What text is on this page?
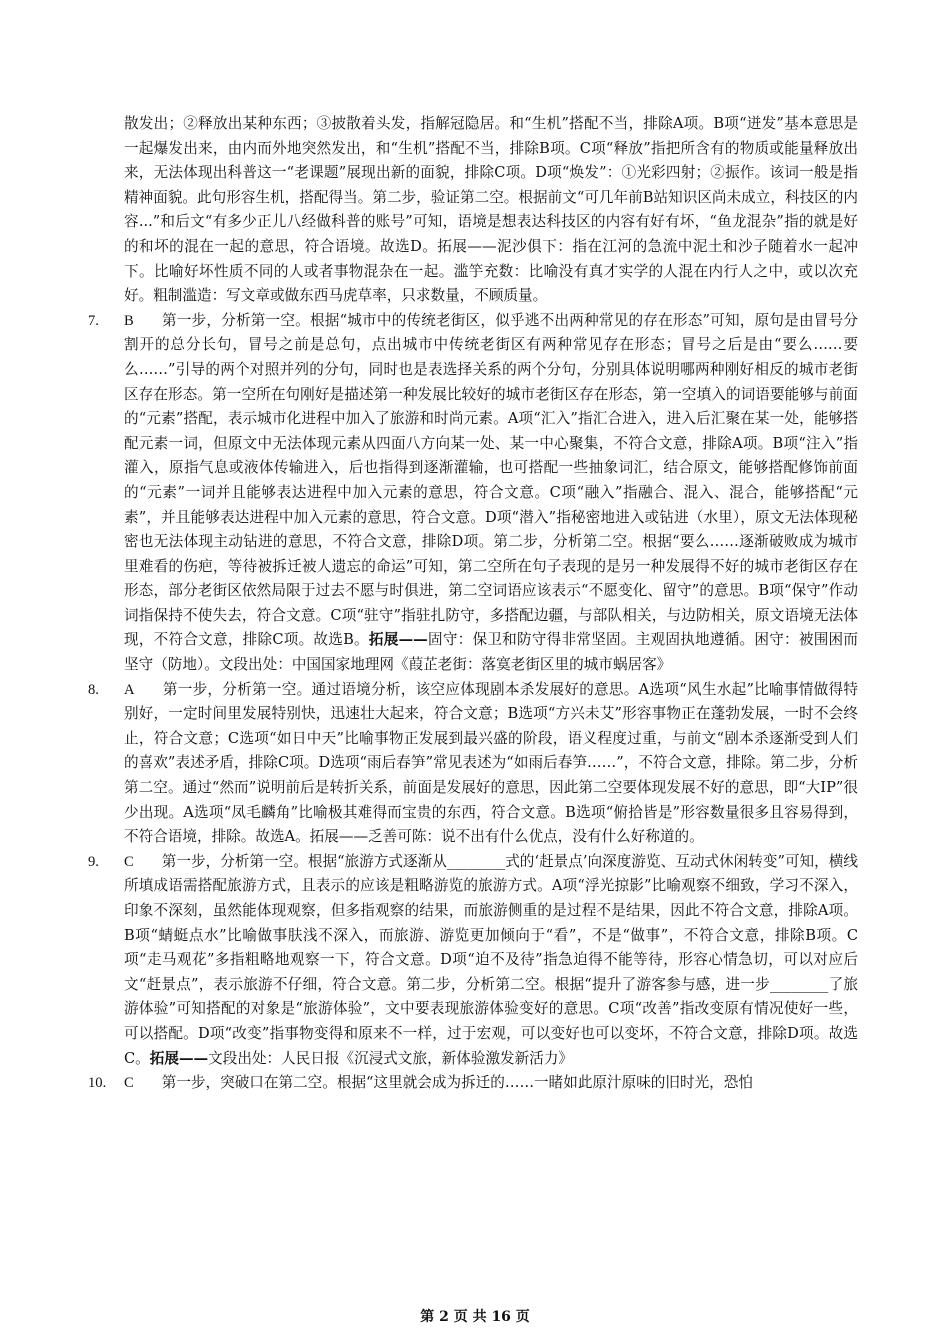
散发出；②释放出某种东西；③披散着头发，指解冠隐居。和“生机”搭配不当，排除A项。B项“迸发”基本意思是一起爆发出来，由内而外地突然发出，和“生机”搭配不当，排除B项。C项“释放”指把所含有的物质或能量释放出来，无法体现出科普这一“老课题”展现出新的面貌，排除C项。D项“焕发”：①光彩四射；②振作。该词一般是指精神面貌。此句形容生机，搭配得当。第二步，验证第二空。根据前文“可几年前B站知识区尚未成立，科技区的内容...”和后文“有多少正儿八经做科普的账号”可知，语境是想表达科技区的内容有好有坏，“鱼龙混杂”指的就是好的和坏的混在一起的意思，符合语境。故选D。拓展——泥沙俱下：指在江河的急流中泥土和沙子随着水一起冲下。比喻好坏性质不同的人或者事物混杂在一起。滥竽充数：比喻没有真才实学的人混在内行人之中，或以次充好。粗制滥造：写文章或做东西马虎草率，只求数量，不顾质量。

7.	B 第一步，分析第一空。根据“城市中的传统老街区，似乎逃不出两种常见的存在形态”可知，原句是由冒号分割开的总分长句，冒号之前是总句，点出城市中传统老街区有两种常见存在形态；冒号之后是由“要么……要么……”引导的两个对照并列的分句，同时也是表选择关系的两个分句，分别具体说明哪两种刚好相反的城市老街区存在形态。第一空所在句刚好是描述第一种发展比较好的城市老街区存在形态，第一空填入的词语要能够与前面的“元素”搭配，表示城市化进程中加入了旅游和时尚元素。A项“汇入”指汇合进入，进入后汇聚在某一处，能够搭配元素一词，但原文中无法体现元素从四面八方向某一处、某一中心聚集，不符合文意，排除A项。B项“注入”指灌入，原指气息或液体传输进入，后也指得到逐渐灌输，也可搭配一些抽象词汇，结合原文，能够搭配修饰前面的“元素”一词并且能够表达进程中加入元素的意思，符合文意。C项“融入”指融合、混入、混合，能够搭配“元素”，并且能够表达进程中加入元素的意思，符合文意。D项“潜入”指秘密地进入或钻进（水里），原文无法体现秘密也无法体现主动钻进的意思，不符合文意，排除D项。第二步，分析第二空。根据“要么……逐渐破败成为城市里难看的伤疤，等待被拆迁被人遗忘的命运”可知，第二空所在句子表现的是另一种发展得不好的城市老街区存在形态，部分老街区依然局限于过去不愿与时俱进，第二空词语应该表示“不愿变化、留守”的意思。B项“保守”作动词指保持不使失去，符合文意。C项“驻守”指驻扎防守，多搭配边疆，与部队相关，与边防相关，原文语境无法体现，不符合文意，排除C项。故选B。拓展——固守：保卫和防守得非常坚固。主观固执地遵循。困守：被围困而坚守（防地）。文段出处：中国国家地理网《葭芷老街：落寞老街区里的城市蜗居客》
8.	A 第一步，分析第一空。通过语境分析，该空应体现剧本杀发展好的意思。A选项“风生水起”比喻事情做得特别好，一定时间里发展特别快，迅速壮大起来，符合文意；B选项“方兴未艾”形容事物正在蓬勃发展，一时不会终止，符合文意；C选项“如日中天”比喻事物正发展到最兴盛的阶段，语义程度过重，与前文“剧本杀逐渐受到人们的喜欢”表述矛盾，排除C项。D选项“雨后春笋”常见表述为“如雨后春笋……”，不符合文意，排除。第二步，分析第二空。通过“然而”说明前后是转折关系，前面是发展好的意思，因此第二空要体现发展不好的意思，即“大IP”很少出现。A选项“凤毛麟角”比喻极其难得而宝贵的东西，符合文意。B选项“俯拾皆是”形容数量很多且容易得到，不符合语境，排除。故选A。拓展——乏善可陈：说不出有什么优点，没有什么好称道的。
9.	C 第一步，分析第一空。根据“旅游方式逐渐从________式的‘赶景点’向深度游览、互动式休闲转变”可知，横线所填成语需搭配旅游方式，且表示的应该是粗略游览的旅游方式。A项“浮光掠影”比喻观察不细致，学习不深入，印象不深刻，虽然能体现观察，但多指观察的结果，而旅游侧重的是过程不是结果，因此不符合文意，排除A项。B项“蜻蜓点水”比喻做事肤浅不深入，而旅游、游览更加倾向于“看”，不是“做事”，不符合文意，排除B项。C项“走马观花”多指粗略地观察一下，符合文意。D项“迫不及待”指急迫得不能等待，形容心情急切，可以对应后文“赶景点”，表示旅游不仔细，符合文意。第二步，分析第二空。根据“提升了游客参与感，进一步________了旅游体验”可知搭配的对象是“旅游体验”，文中要表现旅游体验变好的意思。C项“改善”指改变原有情况使好一些，可以搭配。D项“改变”指事物变得和原来不一样，过于宏观，可以变好也可以变坏，不符合文意，排除D项。故选C。拓展——文段出处：人民日报《沉浸式文旅，新体验激发新活力》
10.	C 第一步，突破口在第二空。根据“这里就会成为拆迁的……一睹如此原汁原味的旧时光，恐怕
第 2 页 共 16 页
